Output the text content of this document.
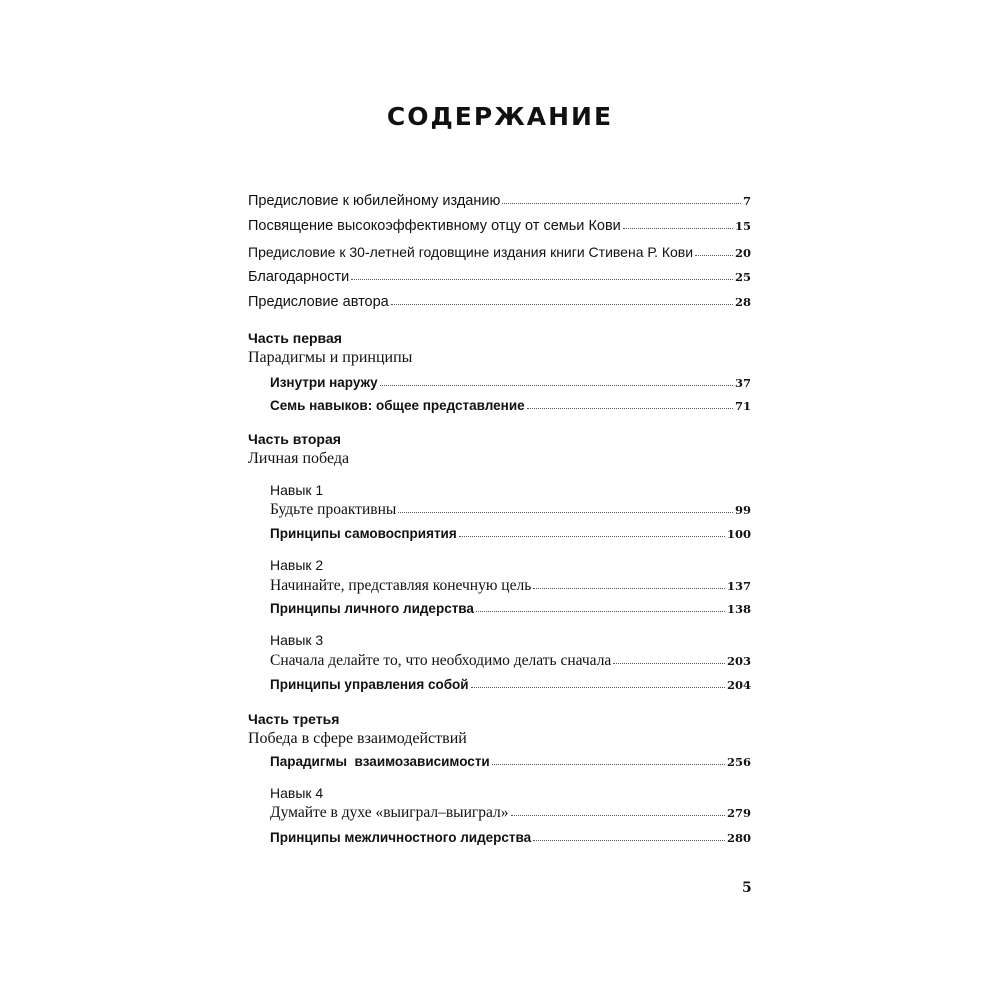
СОДЕРЖАНИЕ
Предисловие к юбилейному изданию	7
Посвящение высокоэффективному отцу от семьи Кови	15
Предисловие к 30-летней годовщине издания книги Стивена Р. Кови	20
Благодарности	25
Предисловие автора	28
Часть первая
Парадигмы и принципы
Изнутри наружу	37
Семь навыков: общее представление	71
Часть вторая
Личная победа
Навык 1
Будьте проактивны	99
Принципы самовосприятия	100
Навык 2
Начинайте, представляя конечную цель	137
Принципы личного лидерства	138
Навык 3
Сначала делайте то, что необходимо делать сначала	203
Принципы управления собой	204
Часть третья
Победа в сфере взаимодействий
Парадигмы  взаимозависимости	256
Навык 4
Думайте в духе «выиграл–выиграл»	279
Принципы межличностного лидерства	280
5
